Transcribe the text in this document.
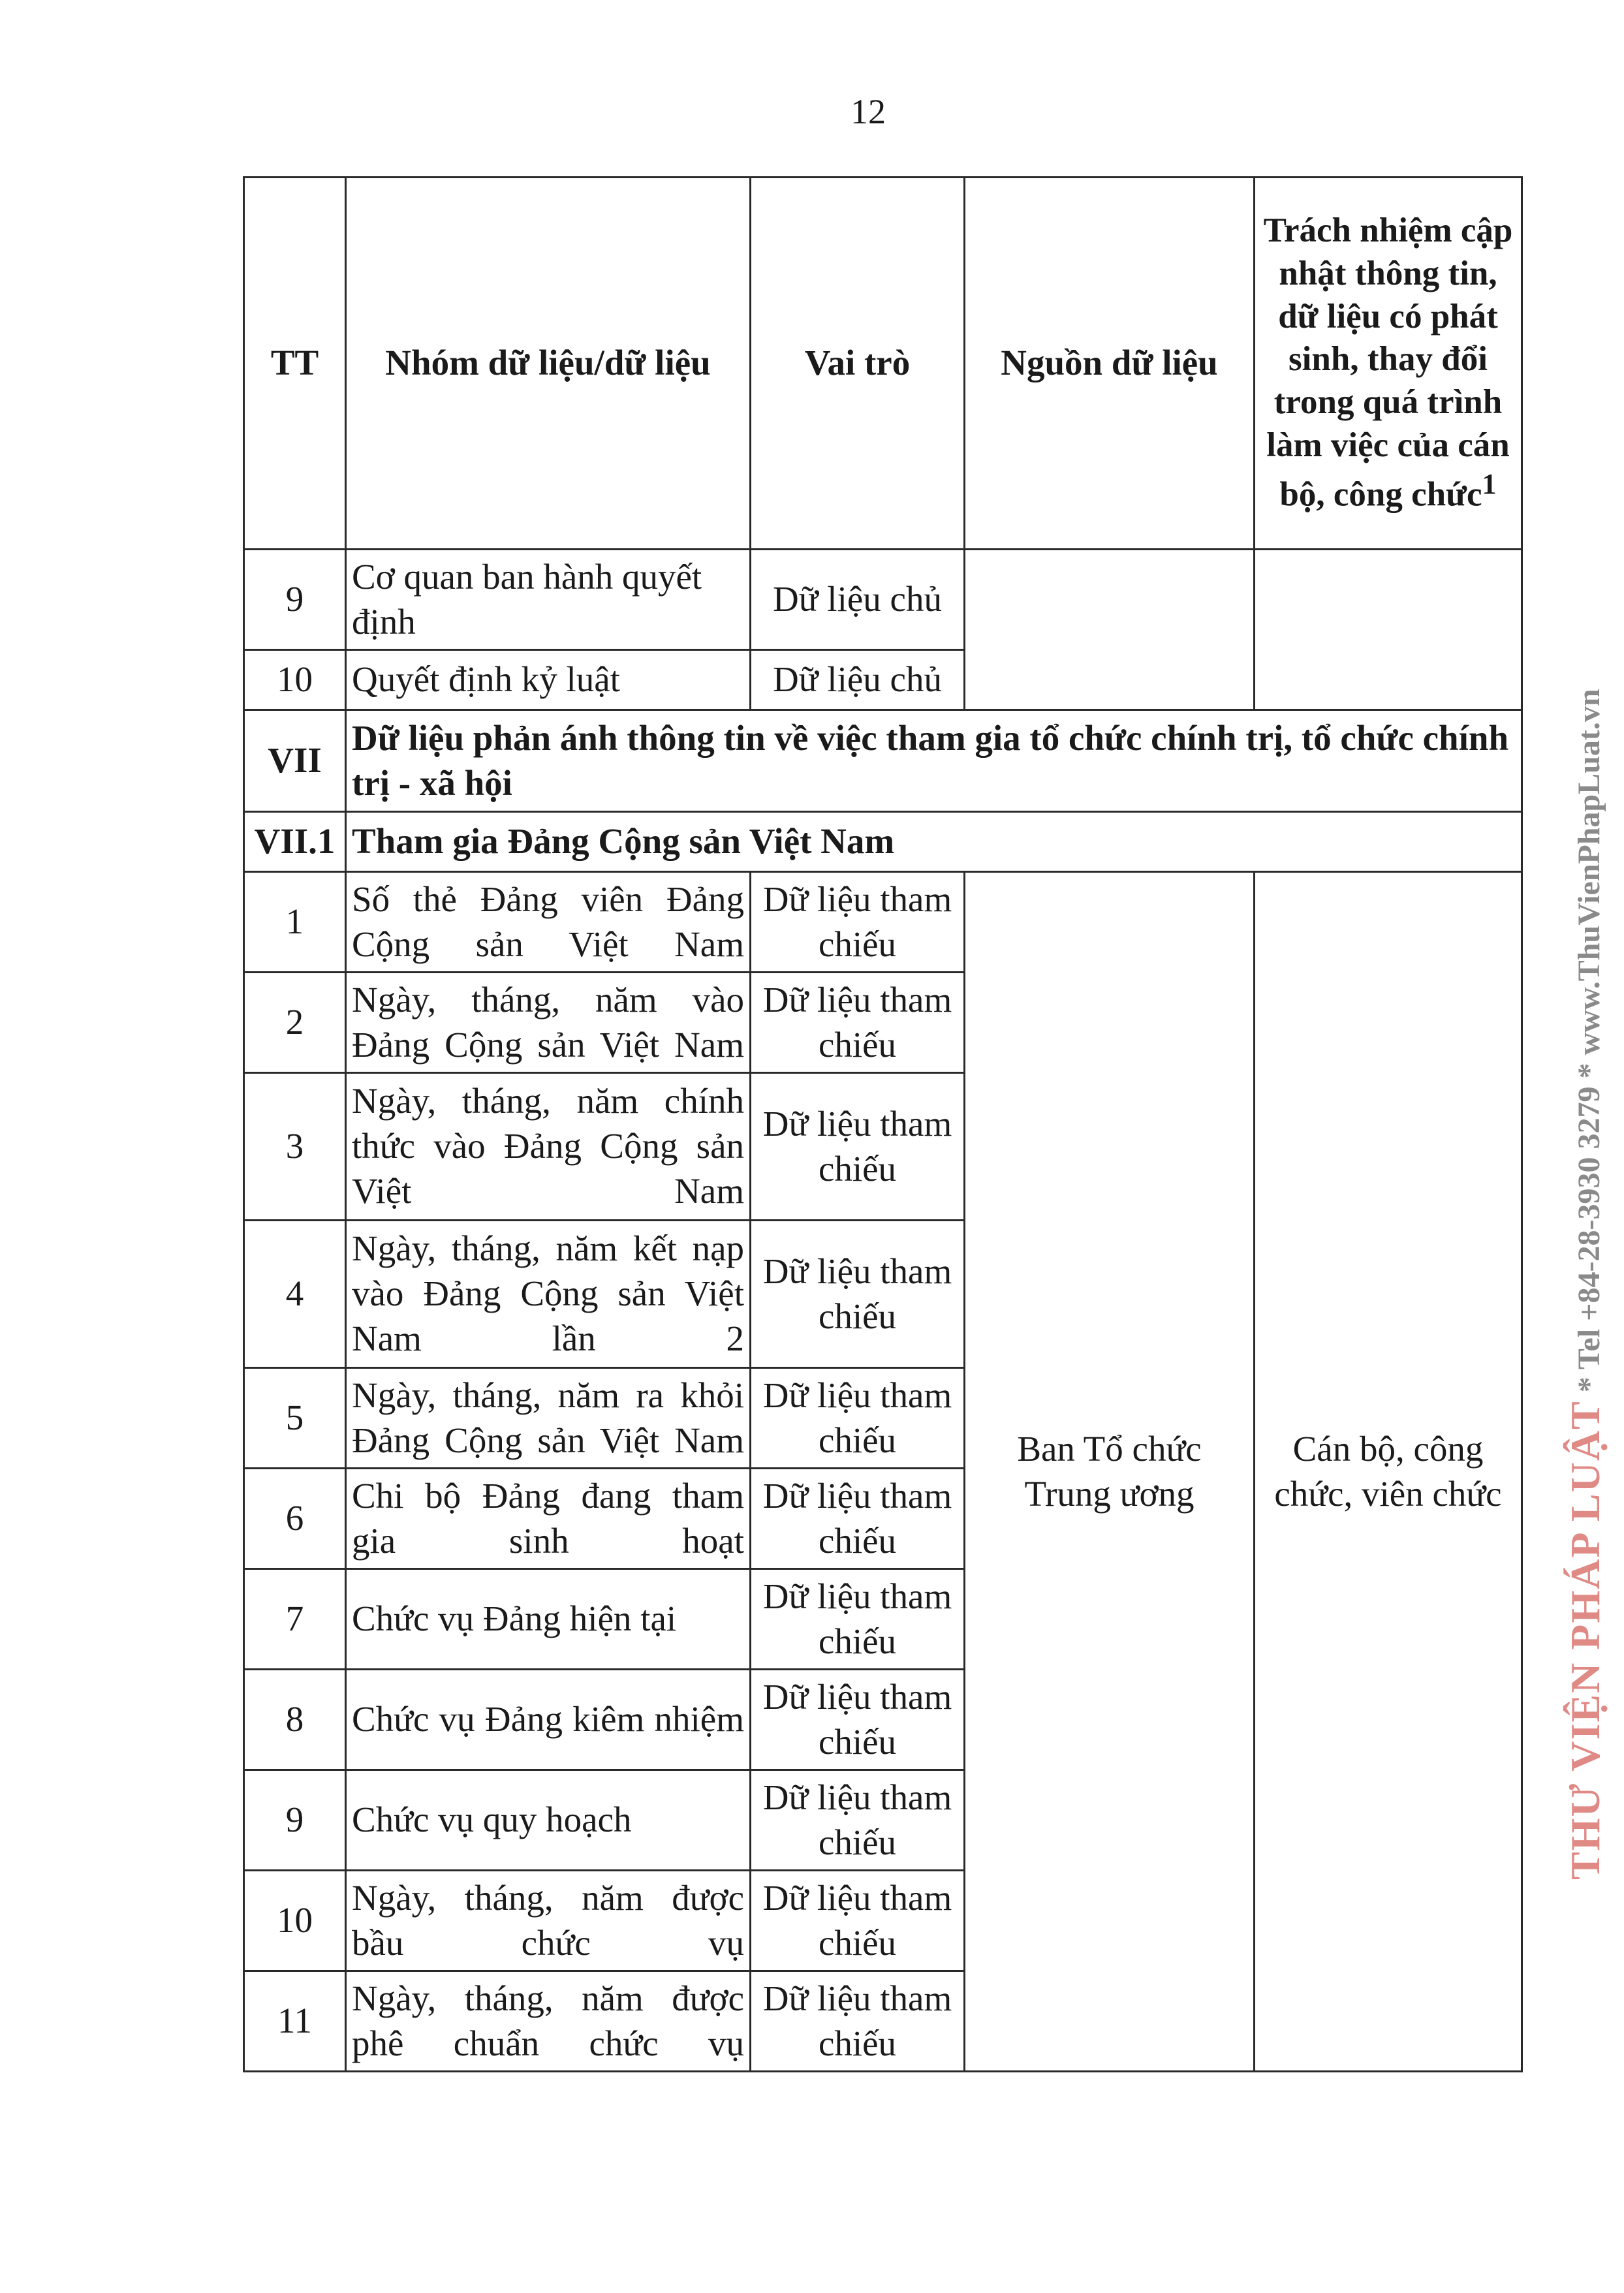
12
TT	Nhóm dữ liệu/dữ liệu	Vai trò	Nguồn dữ liệu	Trách nhiệm cập nhật thông tin, dữ liệu có phát sinh, thay đổi trong quá trình làm việc của cán bộ, công chức$^1$
9	Cơ quan ban hành quyết định	Dữ liệu chủ		
10	Quyết định kỷ luật	Dữ liệu chủ		
VII	Dữ liệu phản ánh thông tin về việc tham gia tổ chức chính trị, tổ chức chính trị - xã hội			
VII.1	Tham gia Đảng Cộng sản Việt Nam			
1	Số thẻ Đảng viên Đảng Cộng sản Việt Nam	Dữ liệu tham chiếu	Ban Tổ chức Trung ương	Cán bộ, công chức, viên chức
2	Ngày, tháng, năm vào Đảng Cộng sản Việt Nam	Dữ liệu tham chiếu		
3	Ngày, tháng, năm chính thức vào Đảng Cộng sản Việt Nam	Dữ liệu tham chiếu		
4	Ngày, tháng, năm kết nạp vào Đảng Cộng sản Việt Nam lần 2	Dữ liệu tham chiếu		
5	Ngày, tháng, năm ra khỏi Đảng Cộng sản Việt Nam	Dữ liệu tham chiếu		
6	Chi bộ Đảng đang tham gia sinh hoạt	Dữ liệu tham chiếu		
7	Chức vụ Đảng hiện tại	Dữ liệu tham chiếu		
8	Chức vụ Đảng kiêm nhiệm	Dữ liệu tham chiếu		
9	Chức vụ quy hoạch	Dữ liệu tham chiếu		
10	Ngày, tháng, năm được bầu chức vụ	Dữ liệu tham chiếu		
11	Ngày, tháng, năm được phê chuẩn chức vụ	Dữ liệu tham chiếu		
THƯ VIỆN PHÁP LUẬT * Tel +84-28-3930 3279 * www.ThuVienPhapLuat.vn
